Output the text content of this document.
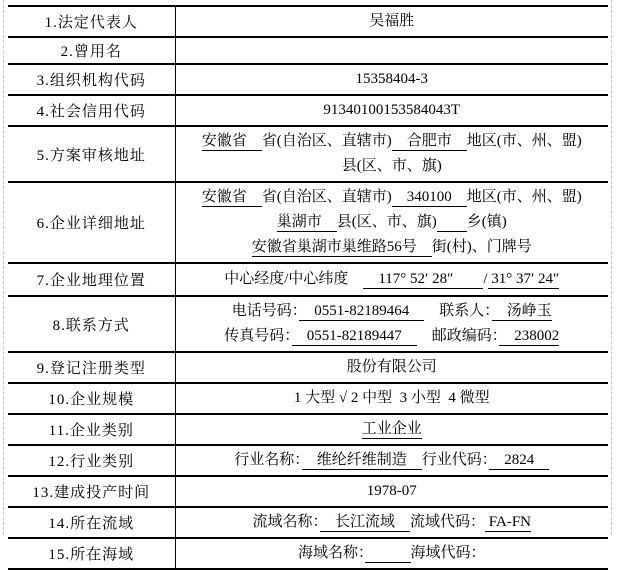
1.法定代表人	吴福胜

2.曾用名	

3.组织机构代码	15358404-3

4.社会信用代码	91340100153584043T

5.方案审核地址	安徽省　省(自治区、直辖市)　合肥市　地区(市、州、盟)
县(区、市、旗)

6.企业详细地址	安徽省　省(自治区、直辖市)　340100　地区(市、州、盟)
巢湖市　县(区、市、旗)　　 乡(镇)
安徽省巢湖市巢维路56号　街(村)、门牌号

7.企业地理位置	中心经度/中心纬度　　117° 52′ 28″　　/ 31° 37′ 24″

8.联系方式	电话号码：　0551-82189464　　联系人：　汤峥玉
传真号码：　0551-82189447　　邮政编码：　238002

9.登记注册类型	股份有限公司

10.企业规模	1 大型 √ 2 中型  3 小型  4 微型

11.企业类别	工业企业

12.行业类别	行业名称：　维纶纤维制造　行业代码：　2824　

13.建成投产时间	1978-07

14.所在流域	流域名称：　长江流域　流域代码： FA-FN

15.所在海域	海域名称：　　　 海域代码：
